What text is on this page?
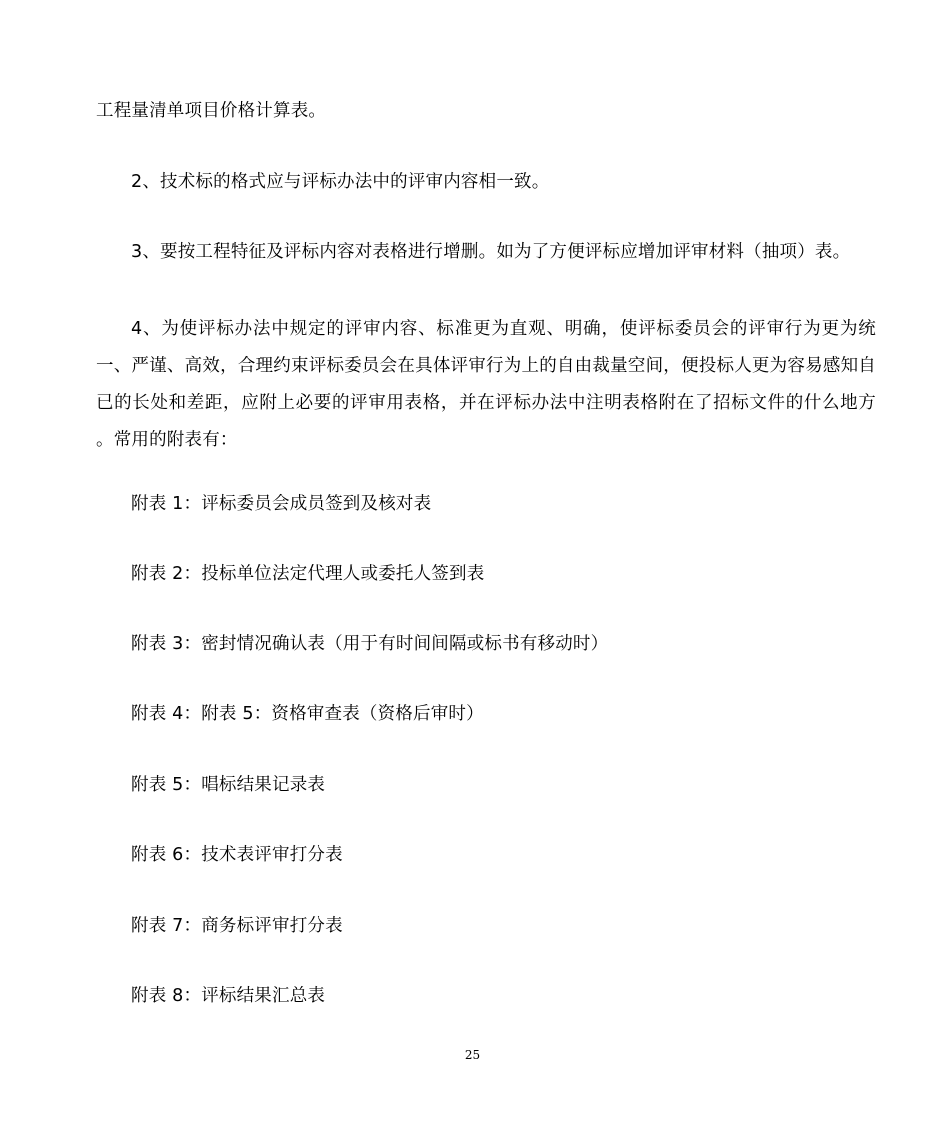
工程量清单项目价格计算表。
2、技术标的格式应与评标办法中的评审内容相一致。
3、要按工程特征及评标内容对表格进行增删。如为了方便评标应增加评审材料（抽项）表。
4、为使评标办法中规定的评审内容、标准更为直观、明确，使评标委员会的评审行为更为统一、严谨、高效，合理约束评标委员会在具体评审行为上的自由裁量空间，便投标人更为容易感知自已的长处和差距，应附上必要的评审用表格，并在评标办法中注明表格附在了招标文件的什么地方 。常用的附表有：
附表 1：评标委员会成员签到及核对表
附表 2：投标单位法定代理人或委托人签到表
附表 3：密封情况确认表（用于有时间间隔或标书有移动时）
附表 4：附表 5：资格审查表（资格后审时）
附表 5：唱标结果记录表
附表 6：技术表评审打分表
附表 7：商务标评审打分表
附表 8：评标结果汇总表
25
